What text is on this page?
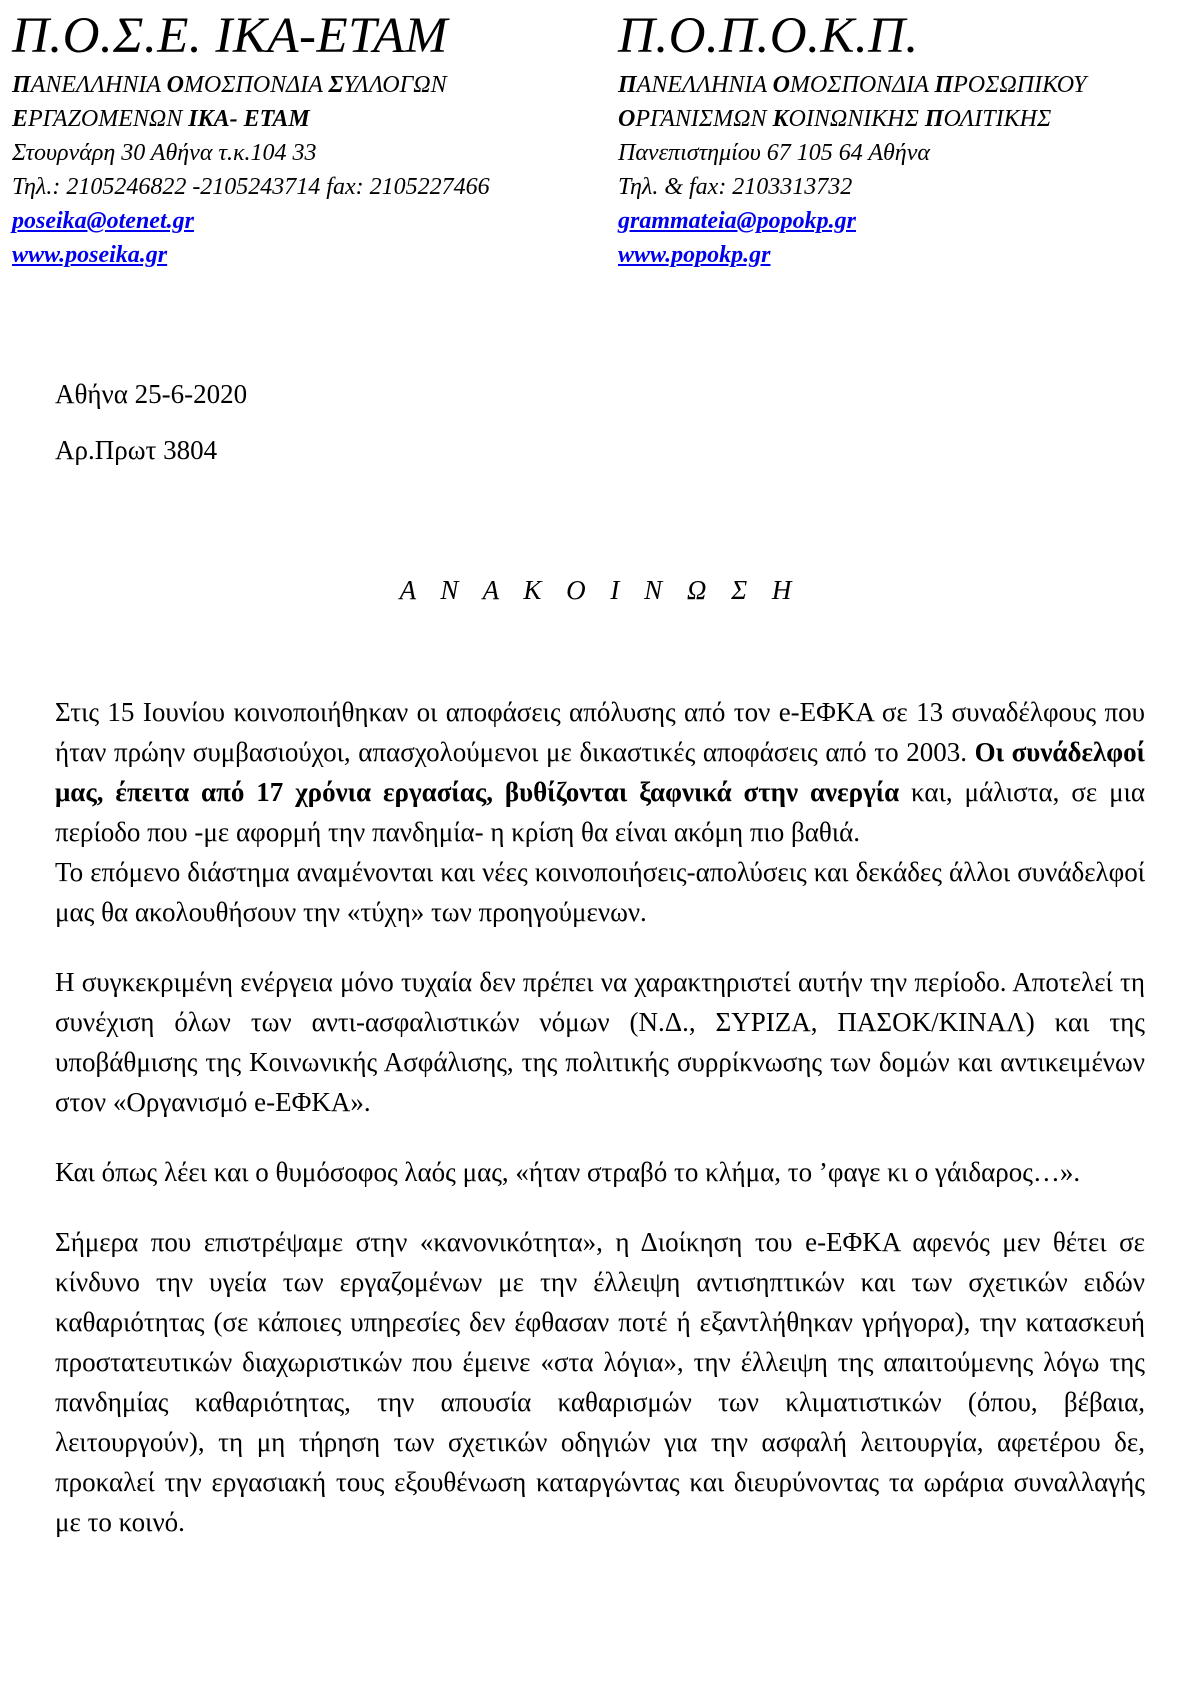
Π.Ο.Σ.Ε. ΙΚΑ-ΕΤΑΜ
ΠΑΝΕΛΛΗΝΙΑ ΟΜΟΣΠΟΝΔΙΑ ΣΥΛΛΟΓΩΝ
ΕΡΓΑΖΟΜΕΝΩΝ ΙΚΑ- ΕΤΑΜ
Στουρνάρη 30 Αθήνα τ.κ.104 33
Τηλ.: 2105246822 -2105243714 fax: 2105227466
poseika@otenet.gr
www.poseika.gr
Π.Ο.Π.Ο.Κ.Π.
ΠΑΝΕΛΛΗΝΙΑ ΟΜΟΣΠΟΝΔΙΑ ΠΡΟΣΩΠΙΚΟΥ
ΟΡΓΑΝΙΣΜΩΝ ΚΟΙΝΩΝΙΚΗΣ ΠΟΛΙΤΙΚΗΣ
Πανεπιστημίου 67 105 64 Αθήνα
Τηλ. & fax: 2103313732
grammateia@popokp.gr
www.popokp.gr
Αθήνα 25-6-2020
Αρ.Πρωτ 3804
Α Ν Α Κ Ο Ι Ν Ω Σ Η

Στις 15 Ιουνίου κοινοποιήθηκαν οι αποφάσεις απόλυσης από τον e-ΕΦΚΑ σε 13 συναδέλφους που ήταν πρώην συμβασιούχοι, απασχολούμενοι με δικαστικές αποφάσεις από το 2003. Οι συνάδελφοί μας, έπειτα από 17 χρόνια εργασίας, βυθίζονται ξαφνικά στην ανεργία και, μάλιστα, σε μια περίοδο που -με αφορμή την πανδημία- η κρίση θα είναι ακόμη πιο βαθιά.

Το επόμενο διάστημα αναμένονται και νέες κοινοποιήσεις-απολύσεις και δεκάδες άλλοι συνάδελφοί μας θα ακολουθήσουν την «τύχη» των προηγούμενων.

Η συγκεκριμένη ενέργεια μόνο τυχαία δεν πρέπει να χαρακτηριστεί αυτήν την περίοδο. Αποτελεί τη συνέχιση όλων των αντι-ασφαλιστικών νόμων (Ν.Δ., ΣΥΡΙΖΑ, ΠΑΣΟΚ/ΚΙΝΑΛ) και της υποβάθμισης της Κοινωνικής Ασφάλισης, της πολιτικής συρρίκνωσης των δομών και αντικειμένων στον «Οργανισμό e-ΕΦΚΑ».

Και όπως λέει και ο θυμόσοφος λαός μας, «ήταν στραβό το κλήμα, το ’φαγε κι ο γάιδαρος…».

Σήμερα που επιστρέψαμε στην «κανονικότητα», η Διοίκηση του e-ΕΦΚΑ αφενός μεν θέτει σε κίνδυνο την υγεία των εργαζομένων με την έλλειψη αντισηπτικών και των σχετικών ειδών καθαριότητας (σε κάποιες υπηρεσίες δεν έφθασαν ποτέ ή εξαντλήθηκαν γρήγορα), την κατασκευή προστατευτικών διαχωριστικών που έμεινε «στα λόγια», την έλλειψη της απαιτούμενης λόγω της πανδημίας καθαριότητας, την απουσία καθαρισμών των κλιματιστικών (όπου, βέβαια, λειτουργούν), τη μη τήρηση των σχετικών οδηγιών για την ασφαλή λειτουργία, αφετέρου δε, προκαλεί την εργασιακή τους εξουθένωση καταργώντας και διευρύνοντας τα ωράρια συναλλαγής με το κοινό.
